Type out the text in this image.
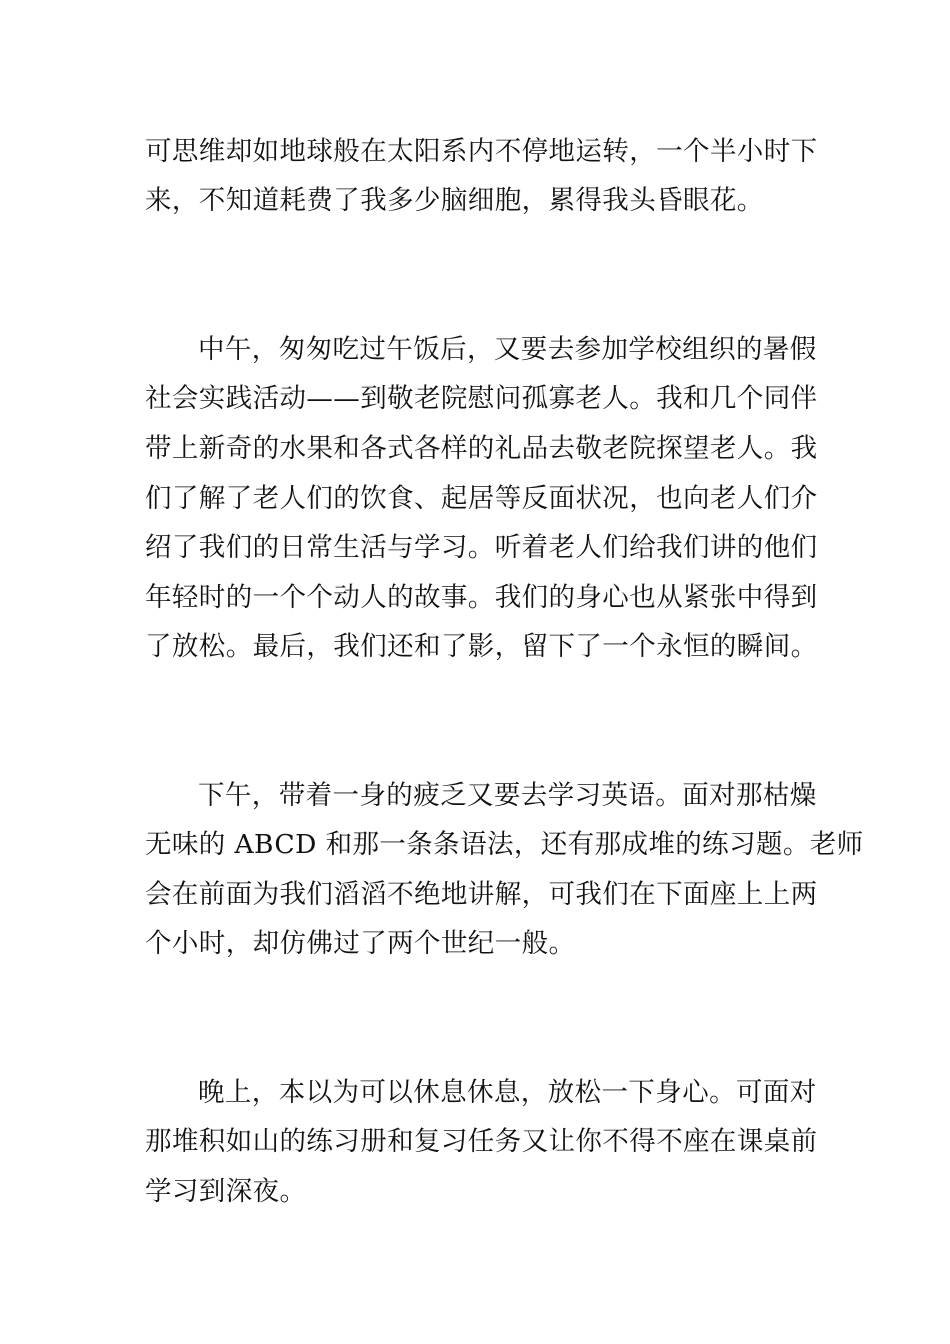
可思维却如地球般在太阳系内不停地运转，一个半小时下

来，不知道耗费了我多少脑细胞，累得我头昏眼花。

中午，匆匆吃过午饭后，又要去参加学校组织的暑假

社会实践活动——到敬老院慰问孤寡老人。我和几个同伴

带上新奇的水果和各式各样的礼品去敬老院探望老人。我

们了解了老人们的饮食、起居等反面状况，也向老人们介

绍了我们的日常生活与学习。听着老人们给我们讲的他们

年轻时的一个个动人的故事。我们的身心也从紧张中得到

了放松。最后，我们还和了影，留下了一个永恒的瞬间。

下午，带着一身的疲乏又要去学习英语。面对那枯燥

无味的 ABCD 和那一条条语法，还有那成堆的练习题。老师

会在前面为我们滔滔不绝地讲解，可我们在下面座上上两

个小时，却仿佛过了两个世纪一般。

晚上，本以为可以休息休息，放松一下身心。可面对

那堆积如山的练习册和复习任务又让你不得不座在课桌前

学习到深夜。
